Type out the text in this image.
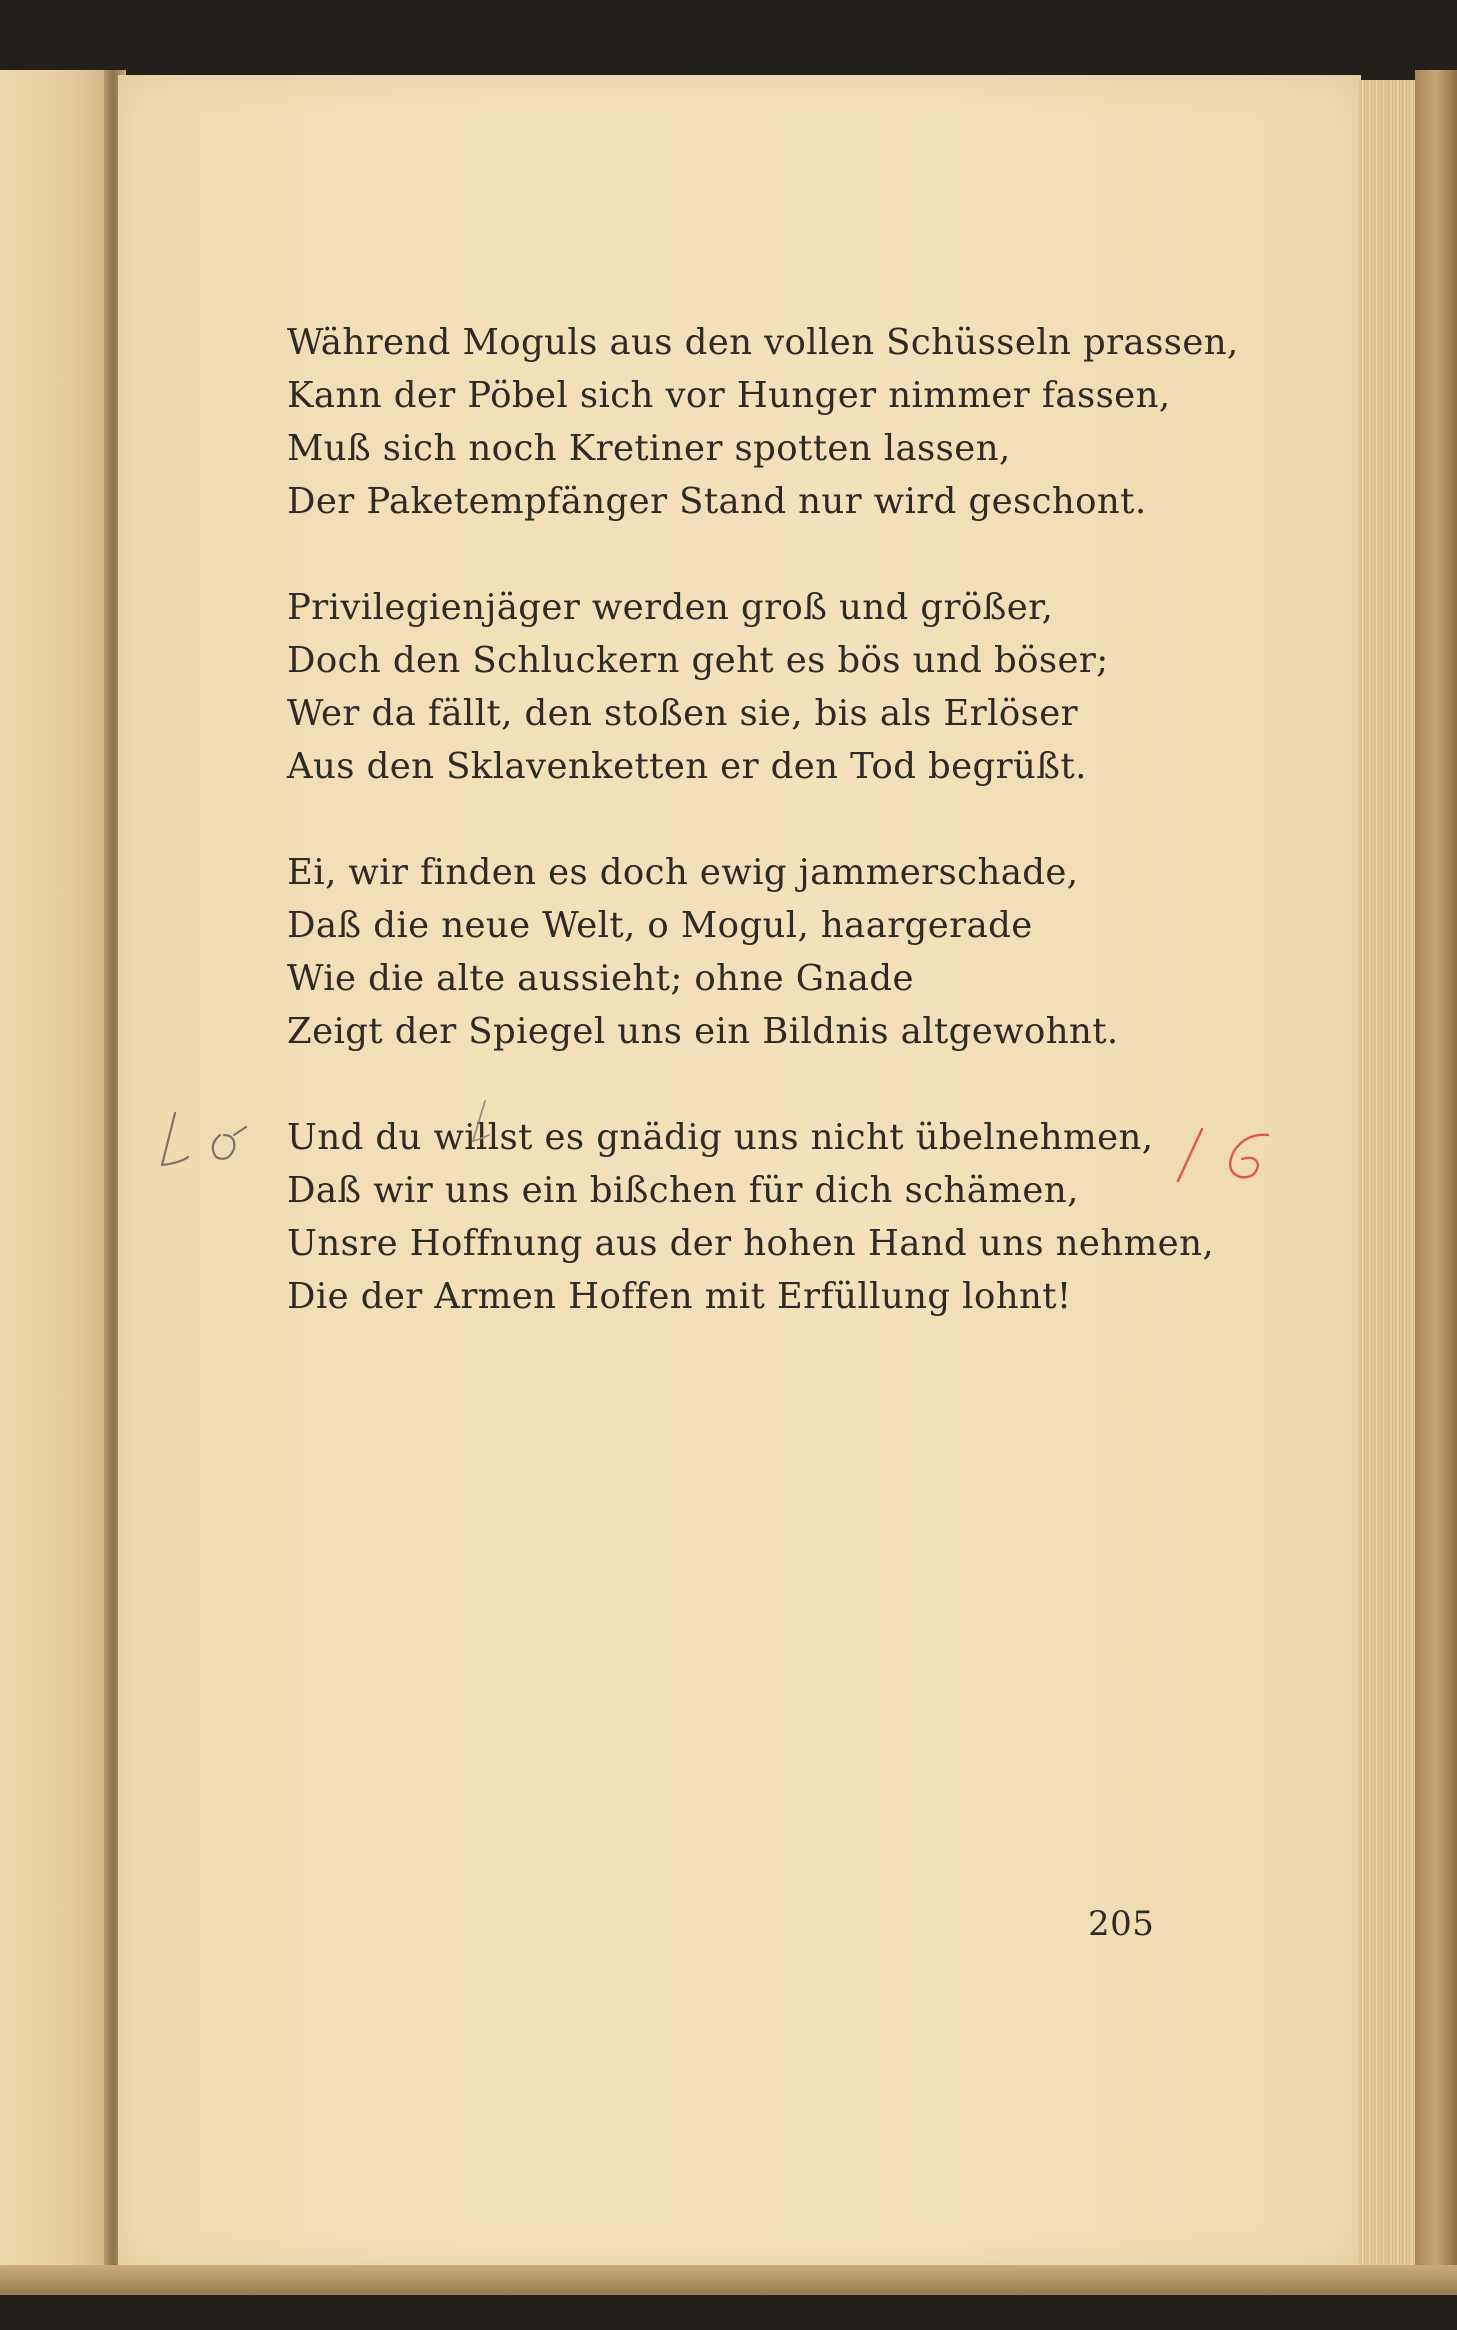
Während Moguls aus den vollen Schüsseln prassen,
Kann der Pöbel sich vor Hunger nimmer fassen,
Muß sich noch Kretiner spotten lassen,
Der Paketempfänger Stand nur wird geschont.
Privilegienjäger werden groß und größer,
Doch den Schluckern geht es bös und böser;
Wer da fällt, den stoßen sie, bis als Erlöser
Aus den Sklavenketten er den Tod begrüßt.
Ei, wir finden es doch ewig jammerschade,
Daß die neue Welt, o Mogul, haargerade
Wie die alte aussieht; ohne Gnade
Zeigt der Spiegel uns ein Bildnis altgewohnt.
Und du willst es gnädig uns nicht übelnehmen,
Daß wir uns ein bißchen für dich schämen,
Unsre Hoffnung aus der hohen Hand uns nehmen,
Die der Armen Hoffen mit Erfüllung lohnt!
205
